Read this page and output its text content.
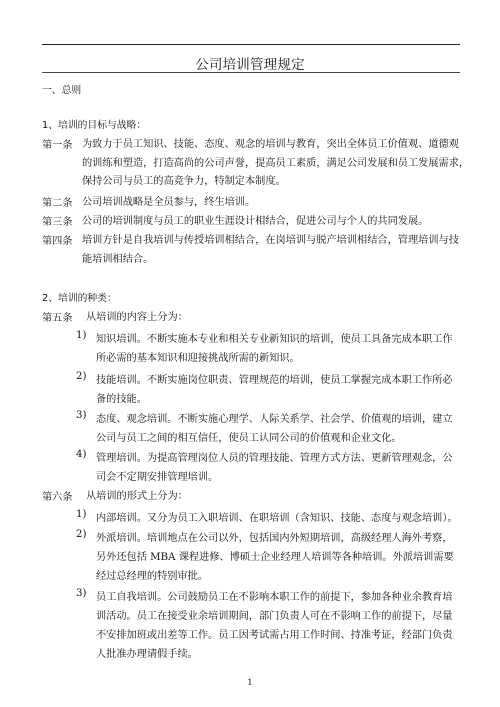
公司培训管理规定
一、总则
1、培训的目标与战略：
第一条 为致力于员工知识、技能、态度、观念的培训与教育，突出全体员工价值观、道德观
的训练和塑造，打造高尚的公司声誉，提高员工素质，满足公司发展和员工发展需求，
保持公司与员工的高竞争力，特制定本制度。
第二条 公司培训战略是全员参与，终生培训。
第三条 公司的培训制度与员工的职业生涯设计相结合，促进公司与个人的共同发展。
第四条 培训方针是自我培训与传授培训相结合，在岗培训与脱产培训相结合，管理培训与技
能培训相结合。
2、培训的种类：
第五条 从培训的内容上分为：
1) 知识培训。不断实施本专业和相关专业新知识的培训，使员工具备完成本职工作
所必需的基本知识和迎接挑战所需的新知识。
2) 技能培训。不断实施岗位职责、管理规范的培训，使员工掌握完成本职工作所必
备的技能。
3) 态度、观念培训。不断实施心理学、人际关系学、社会学、价值观的培训，建立
公司与员工之间的相互信任，使员工认同公司的价值观和企业文化。
4) 管理培训。为提高管理岗位人员的管理技能、管理方式方法、更新管理观念，公
司会不定期安排管理培训。
第六条 从培训的形式上分为：
1) 内部培训。又分为员工入职培训、在职培训（含知识、技能、态度与观念培训）。
2) 外派培训。培训地点在公司以外，包括国内外短期培训，高级经理人海外考察，
另外还包括 MBA 课程进修、博硕士企业经理人培训等各种培训。外派培训需要
经过总经理的特别审批。
3) 员工自我培训。公司鼓励员工在不影响本职工作的前提下，参加各种业余教育培
训活动。员工在接受业余培训期间，部门负责人可在不影响工作的前提下，尽量
不安排加班或出差等工作。员工因考试需占用工作时间、持准考证，经部门负责
人批准办理请假手续。
1
